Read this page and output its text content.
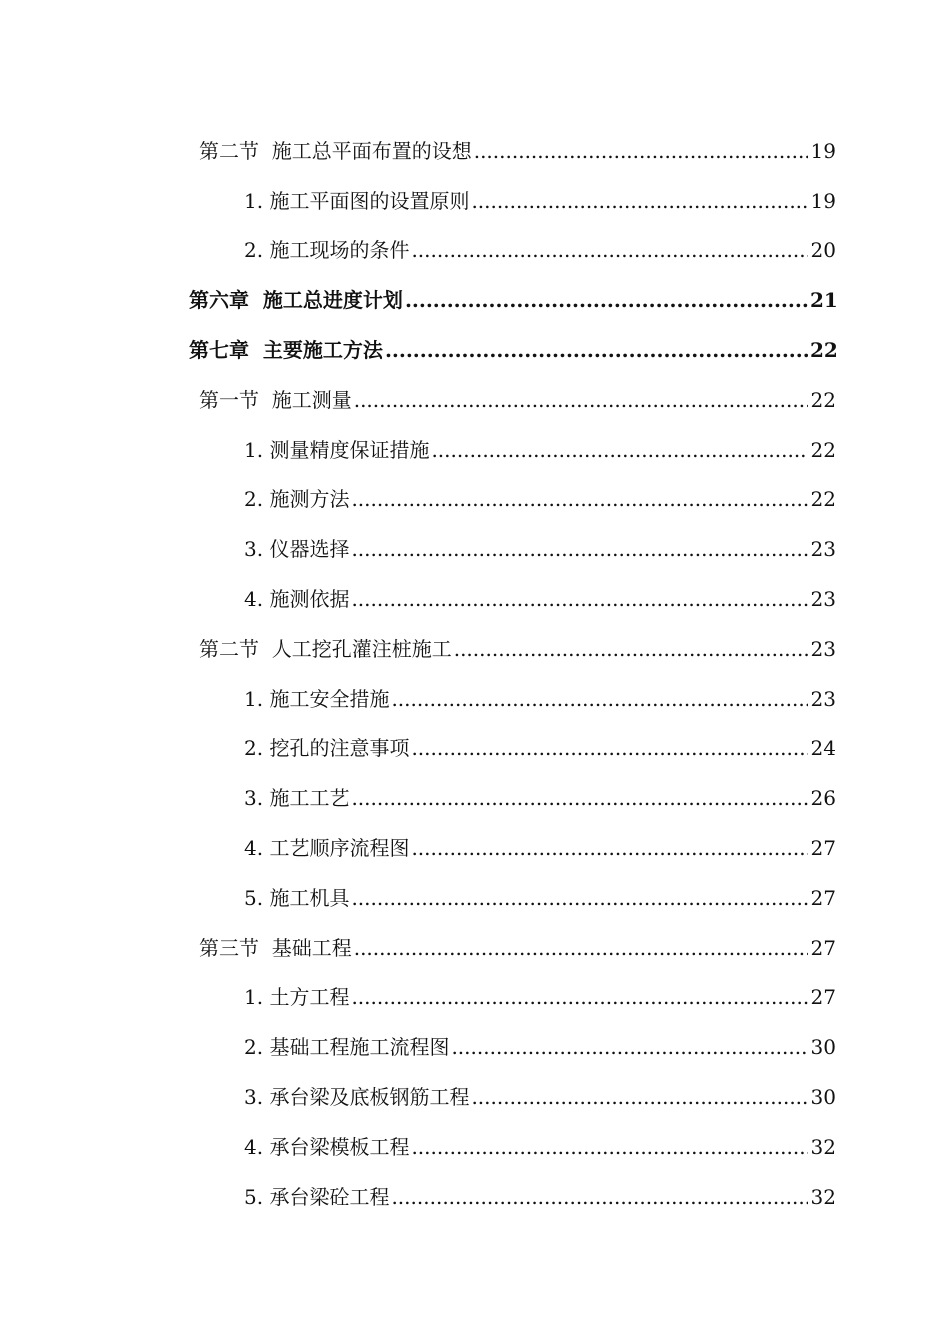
第二节  施工总平面布置的设想 .....	19
1. 施工平面图的设置原则 .....	19
2. 施工现场的条件 .....	20
第六章  施工总进度计划 .....	21
第七章  主要施工方法 .....	22
第一节  施工测量 .....	22
1. 测量精度保证措施 .....	22
2. 施测方法 .....	22
3. 仪器选择 .....	23
4. 施测依据 .....	23
第二节  人工挖孔灌注桩施工 .....	23
1. 施工安全措施 .....	23
2. 挖孔的注意事项 .....	24
3. 施工工艺 .....	26
4. 工艺顺序流程图 .....	27
5. 施工机具 .....	27
第三节  基础工程 .....	27
1. 土方工程 .....	27
2. 基础工程施工流程图 .....	30
3. 承台梁及底板钢筋工程 .....	30
4. 承台梁模板工程 .....	32
5. 承台梁砼工程 .....	32
